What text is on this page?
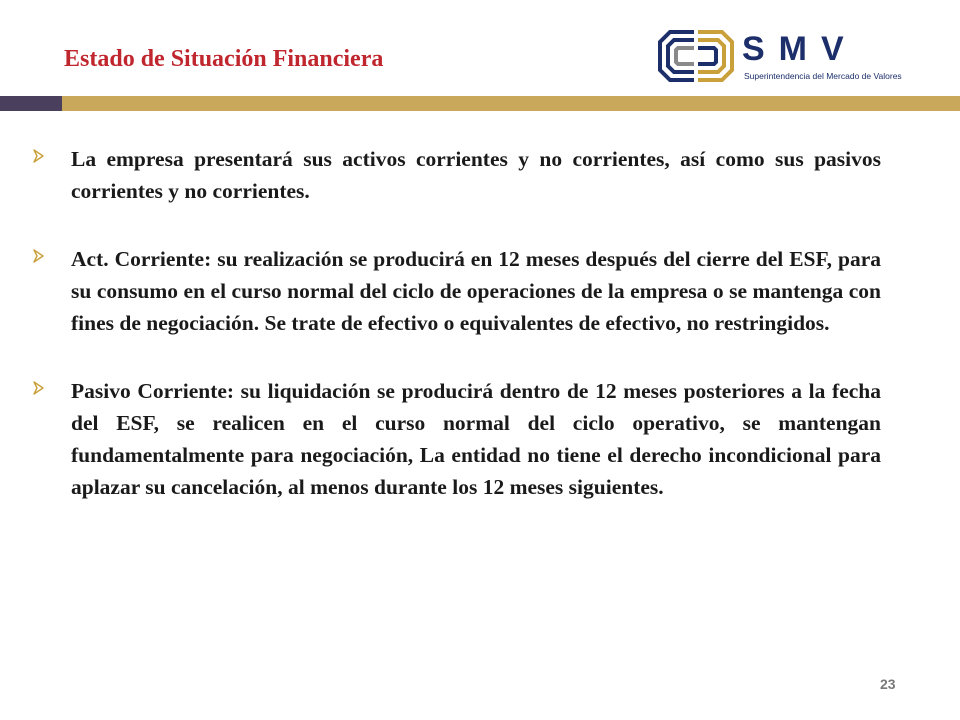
Estado de Situación Financiera	SMV
Superintendencia del Mercado de Valores
La empresa presentará sus activos corrientes y no corrientes, así como sus pasivos corrientes y no corrientes.
Act. Corriente: su realización se producirá en 12 meses después del cierre del ESF, para su consumo en el curso normal del ciclo de operaciones de la empresa o se mantenga con fines de negociación. Se trate de efectivo o equivalentes de efectivo, no restringidos.
Pasivo Corriente: su liquidación se producirá dentro de 12 meses posteriores a la fecha del ESF, se realicen en el curso normal del ciclo operativo, se mantengan fundamentalmente para negociación, La entidad no tiene el derecho incondicional para aplazar su cancelación, al menos durante los 12 meses siguientes.
23
